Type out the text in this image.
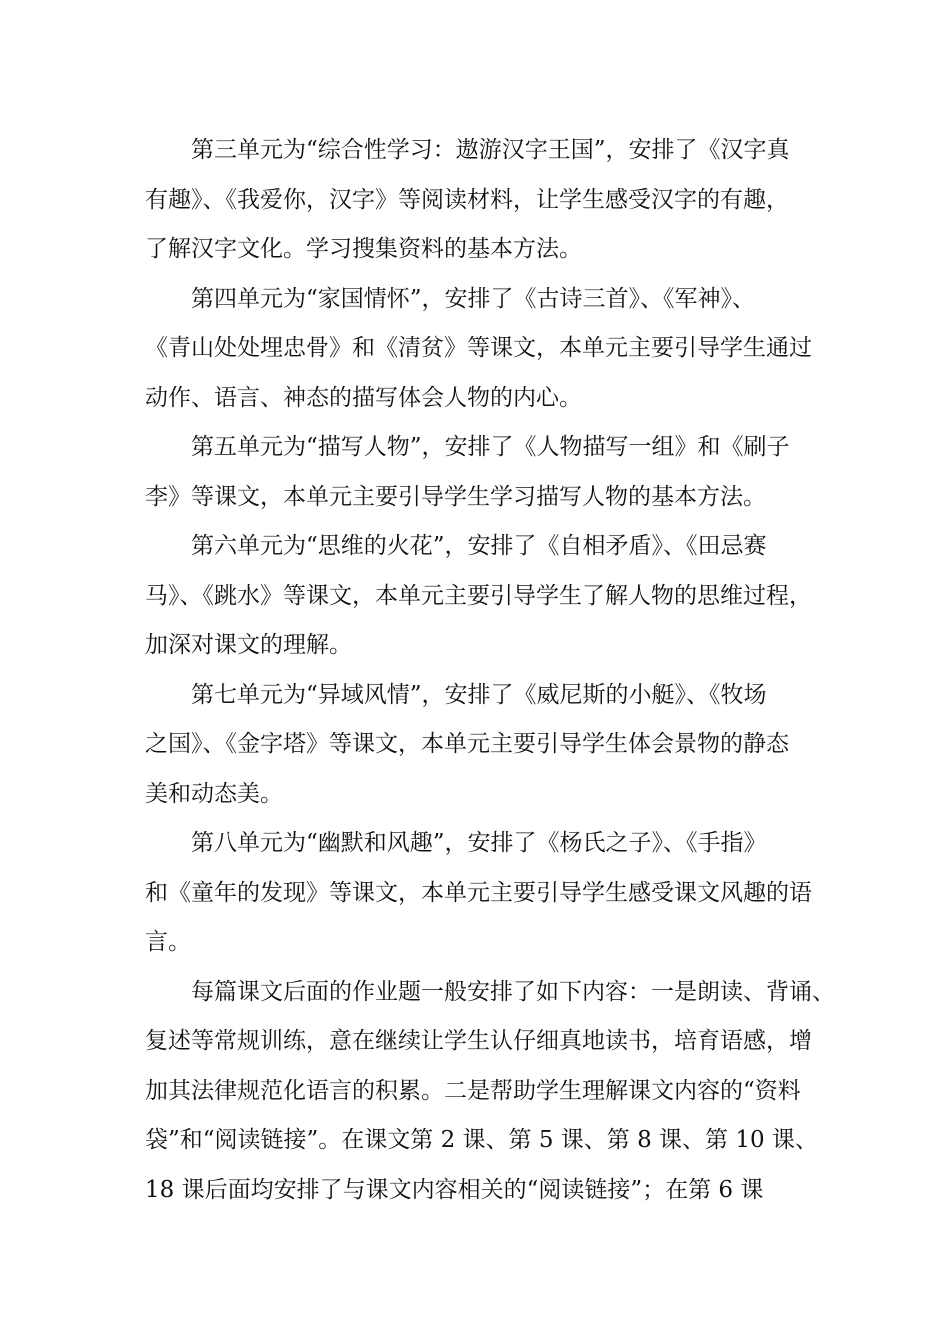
第三单元为“综合性学习：遨游汉字王国”，安排了《汉字真
有趣》、《我爱你，汉字》等阅读材料，让学生感受汉字的有趣，
了解汉字文化。学习搜集资料的基本方法。
第四单元为“家国情怀”，安排了《古诗三首》、《军神》、
《青山处处埋忠骨》和《清贫》等课文，本单元主要引导学生通过
动作、语言、神态的描写体会人物的内心。
第五单元为“描写人物”，安排了《人物描写一组》和《刷子
李》等课文，本单元主要引导学生学习描写人物的基本方法。
第六单元为“思维的火花”，安排了《自相矛盾》、《田忌赛
马》、《跳水》等课文，本单元主要引导学生了解人物的思维过程，
加深对课文的理解。
第七单元为“异域风情”，安排了《威尼斯的小艇》、《牧场
之国》、《金字塔》等课文，本单元主要引导学生体会景物的静态
美和动态美。
第八单元为“幽默和风趣”，安排了《杨氏之子》、《手指》
和《童年的发现》等课文，本单元主要引导学生感受课文风趣的语
言。
每篇课文后面的作业题一般安排了如下内容：一是朗读、背诵、
复述等常规训练，意在继续让学生认仔细真地读书，培育语感，增
加其法律规范化语言的积累。二是帮助学生理解课文内容的“资料
袋”和“阅读链接”。在课文第 2 课、第 5 课、第 8 课、第 10 课、
18 课后面均安排了与课文内容相关的“阅读链接”；在第 6 课
